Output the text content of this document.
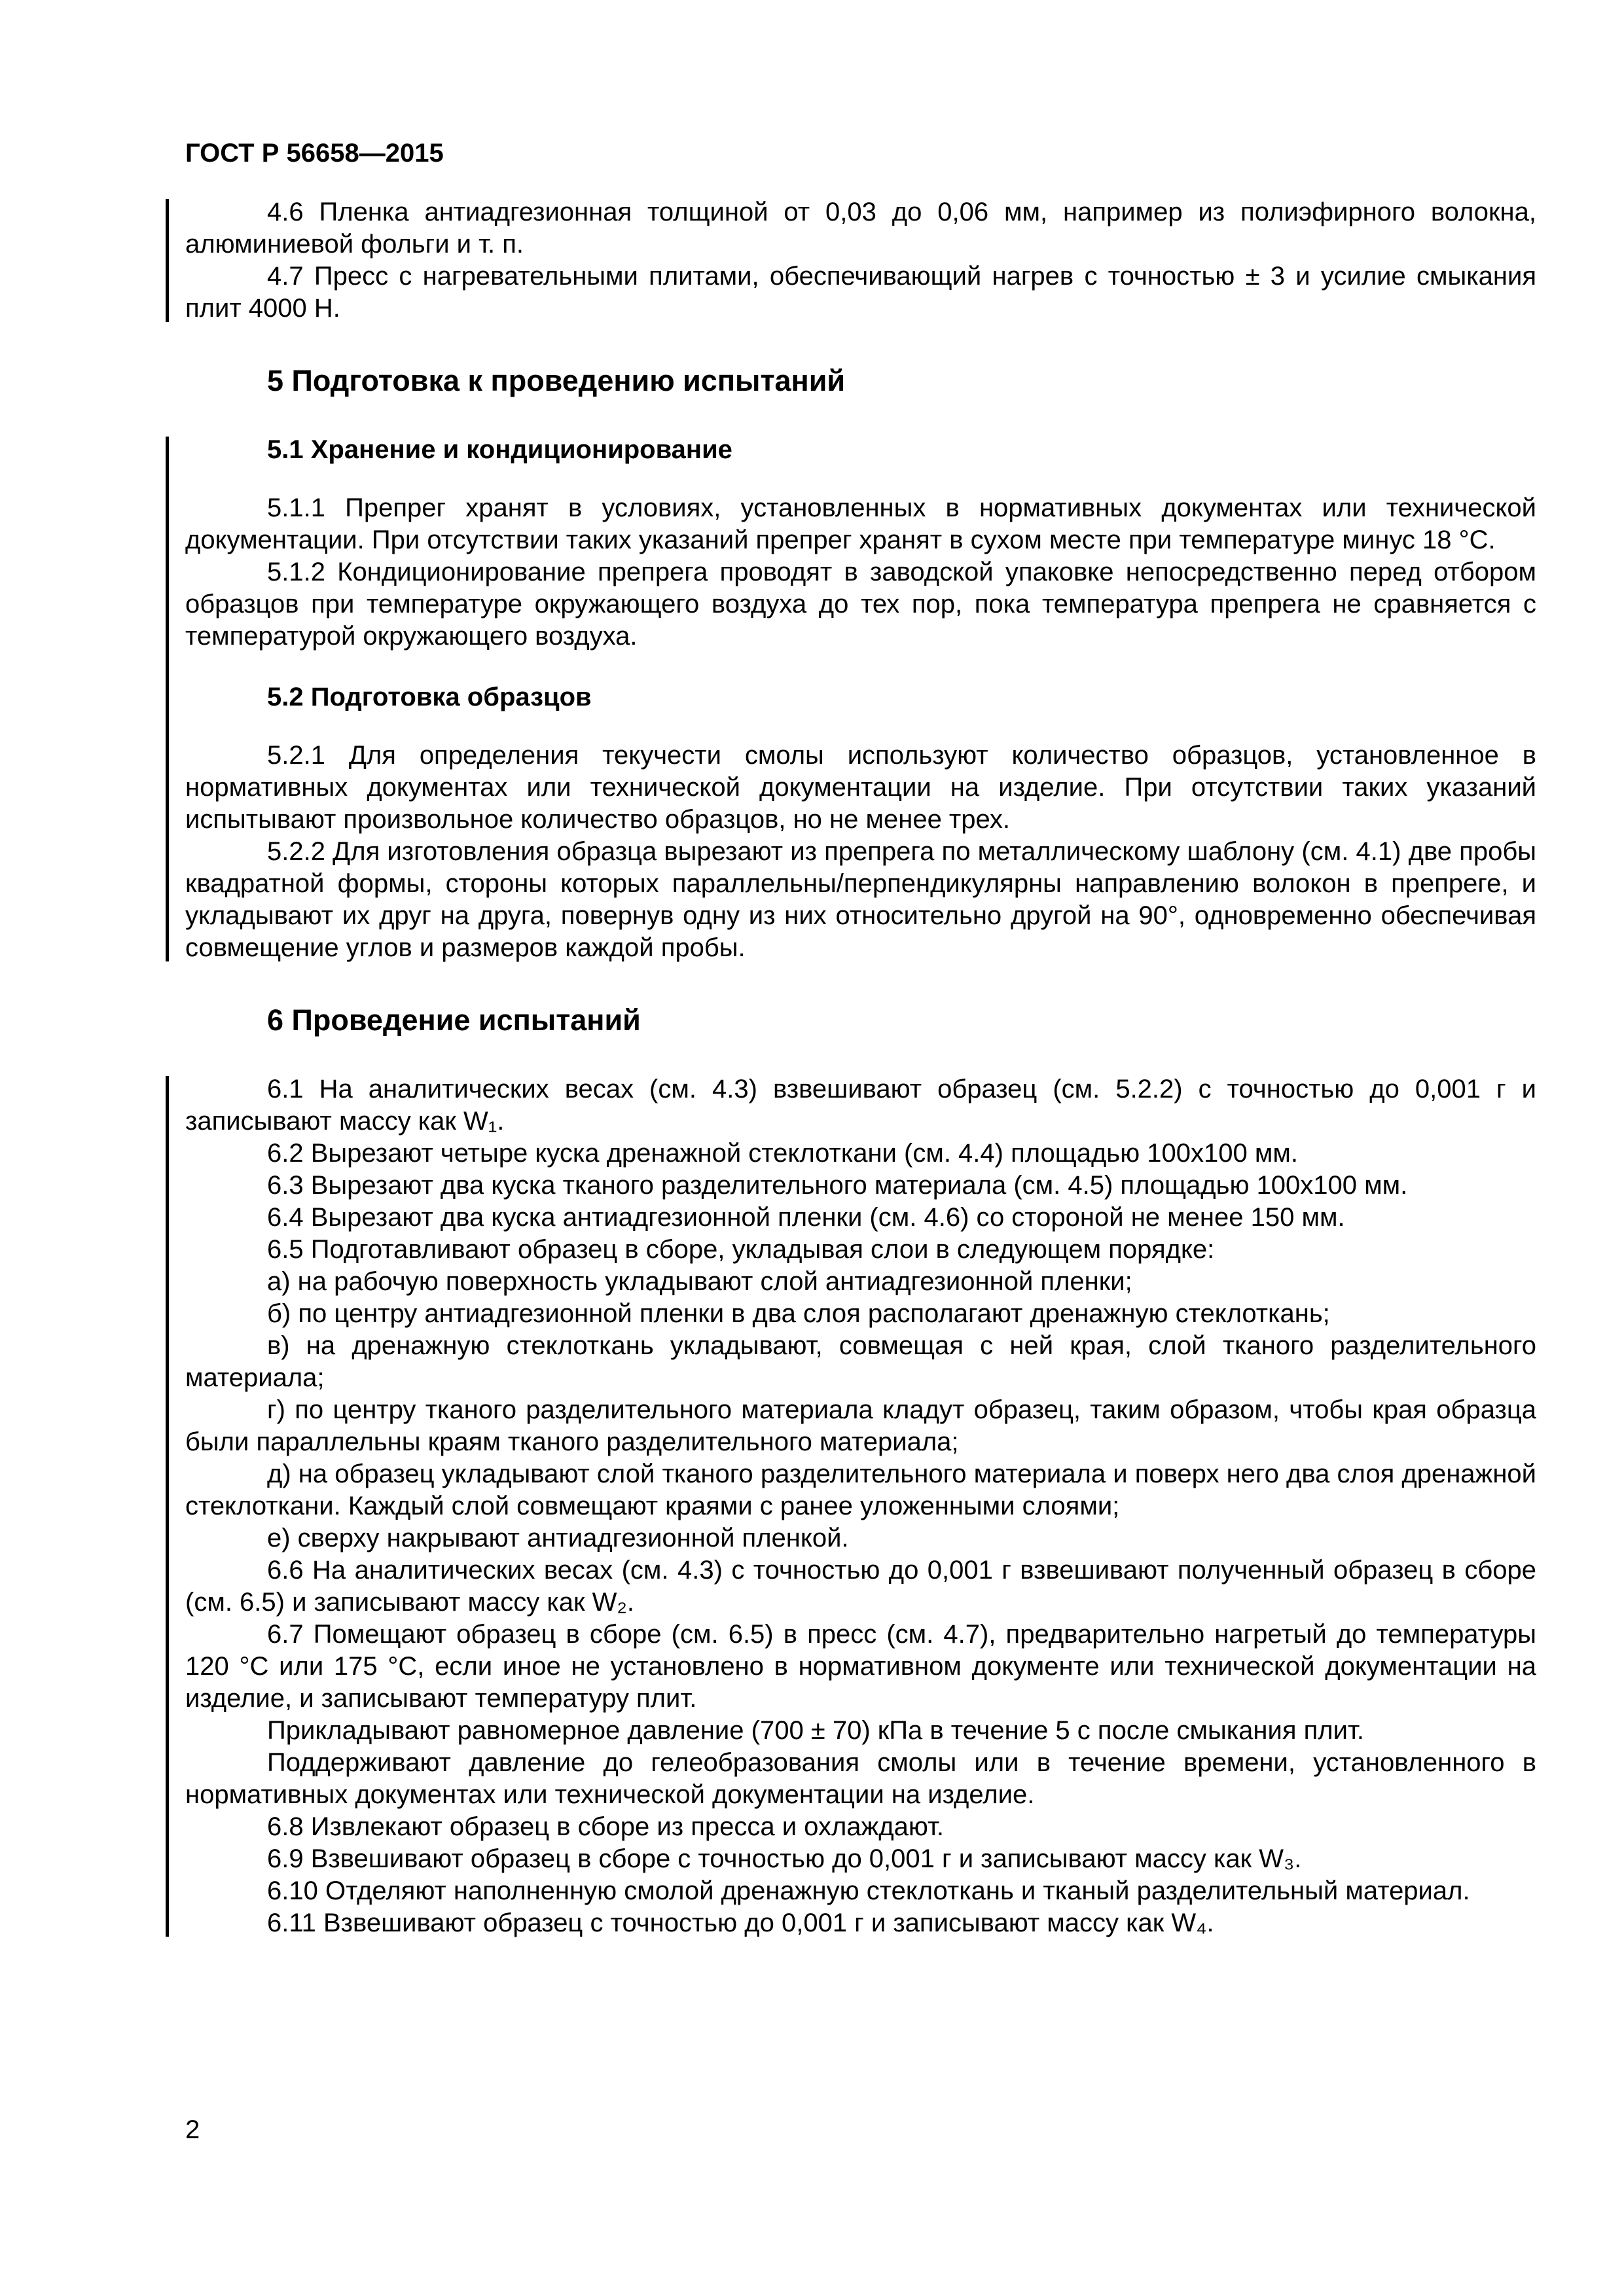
ГОСТ Р 56658—2015

4.6 Пленка антиадгезионная толщиной от 0,03 до 0,06 мм, например из полиэфирного волокна, алюминиевой фольги и т. п.

4.7 Пресс с нагревательными плитами, обеспечивающий нагрев с точностью ± 3 и усилие смыкания плит 4000 Н.

5 Подготовка к проведению испытаний
5.1 Хранение и кондиционирование

5.1.1 Препрег хранят в условиях, установленных в нормативных документах или технической документации. При отсутствии таких указаний препрег хранят в сухом месте при температуре минус 18 °С.

5.1.2 Кондиционирование препрега проводят в заводской упаковке непосредственно перед отбором образцов при температуре окружающего воздуха до тех пор, пока температура препрега не сравняется с температурой окружающего воздуха.

5.2 Подготовка образцов

5.2.1 Для определения текучести смолы используют количество образцов, установленное в нормативных документах или технической документации на изделие. При отсутствии таких указаний испытывают произвольное количество образцов, но не менее трех.

5.2.2 Для изготовления образца вырезают из препрега по металлическому шаблону (см. 4.1) две пробы квадратной формы, стороны которых параллельны/перпендикулярны направлению волокон в препреге, и укладывают их друг на друга, повернув одну из них относительно другой на 90°, одновременно обеспечивая совмещение углов и размеров каждой пробы.

6 Проведение испытаний

6.1 На аналитических весах (см. 4.3) взвешивают образец (см. 5.2.2) с точностью до 0,001 г и записывают массу как W₁.

6.2 Вырезают четыре куска дренажной стеклоткани (см. 4.4) площадью 100х100 мм.

6.3 Вырезают два куска тканого разделительного материала (см. 4.5) площадью 100х100 мм.

6.4 Вырезают два куска антиадгезионной пленки (см. 4.6) со стороной не менее 150 мм.

6.5 Подготавливают образец в сборе, укладывая слои в следующем порядке:

а) на рабочую поверхность укладывают слой антиадгезионной пленки;

б) по центру антиадгезионной пленки в два слоя располагают дренажную стеклоткань;

в) на дренажную стеклоткань укладывают, совмещая с ней края, слой тканого разделительного материала;

г) по центру тканого разделительного материала кладут образец, таким образом, чтобы края образца были параллельны краям тканого разделительного материала;

д) на образец укладывают слой тканого разделительного материала и поверх него два слоя дренажной стеклоткани. Каждый слой совмещают краями с ранее уложенными слоями;

е) сверху накрывают антиадгезионной пленкой.

6.6 На аналитических весах (см. 4.3) с точностью до 0,001 г взвешивают полученный образец в сборе (см. 6.5) и записывают массу как W₂.

6.7 Помещают образец в сборе (см. 6.5) в пресс (см. 4.7), предварительно нагретый до температуры 120 °С или 175 °С, если иное не установлено в нормативном документе или технической документации на изделие, и записывают температуру плит.

Прикладывают равномерное давление (700 ± 70) кПа в течение 5 с после смыкания плит.

Поддерживают давление до гелеобразования смолы или в течение времени, установленного в нормативных документах или технической документации на изделие.

6.8 Извлекают образец в сборе из пресса и охлаждают.

6.9 Взвешивают образец в сборе с точностью до 0,001 г и записывают массу как W₃.

6.10 Отделяют наполненную смолой дренажную стеклоткань и тканый разделительный материал.

6.11 Взвешивают образец с точностью до 0,001 г и записывают массу как W₄.

2
